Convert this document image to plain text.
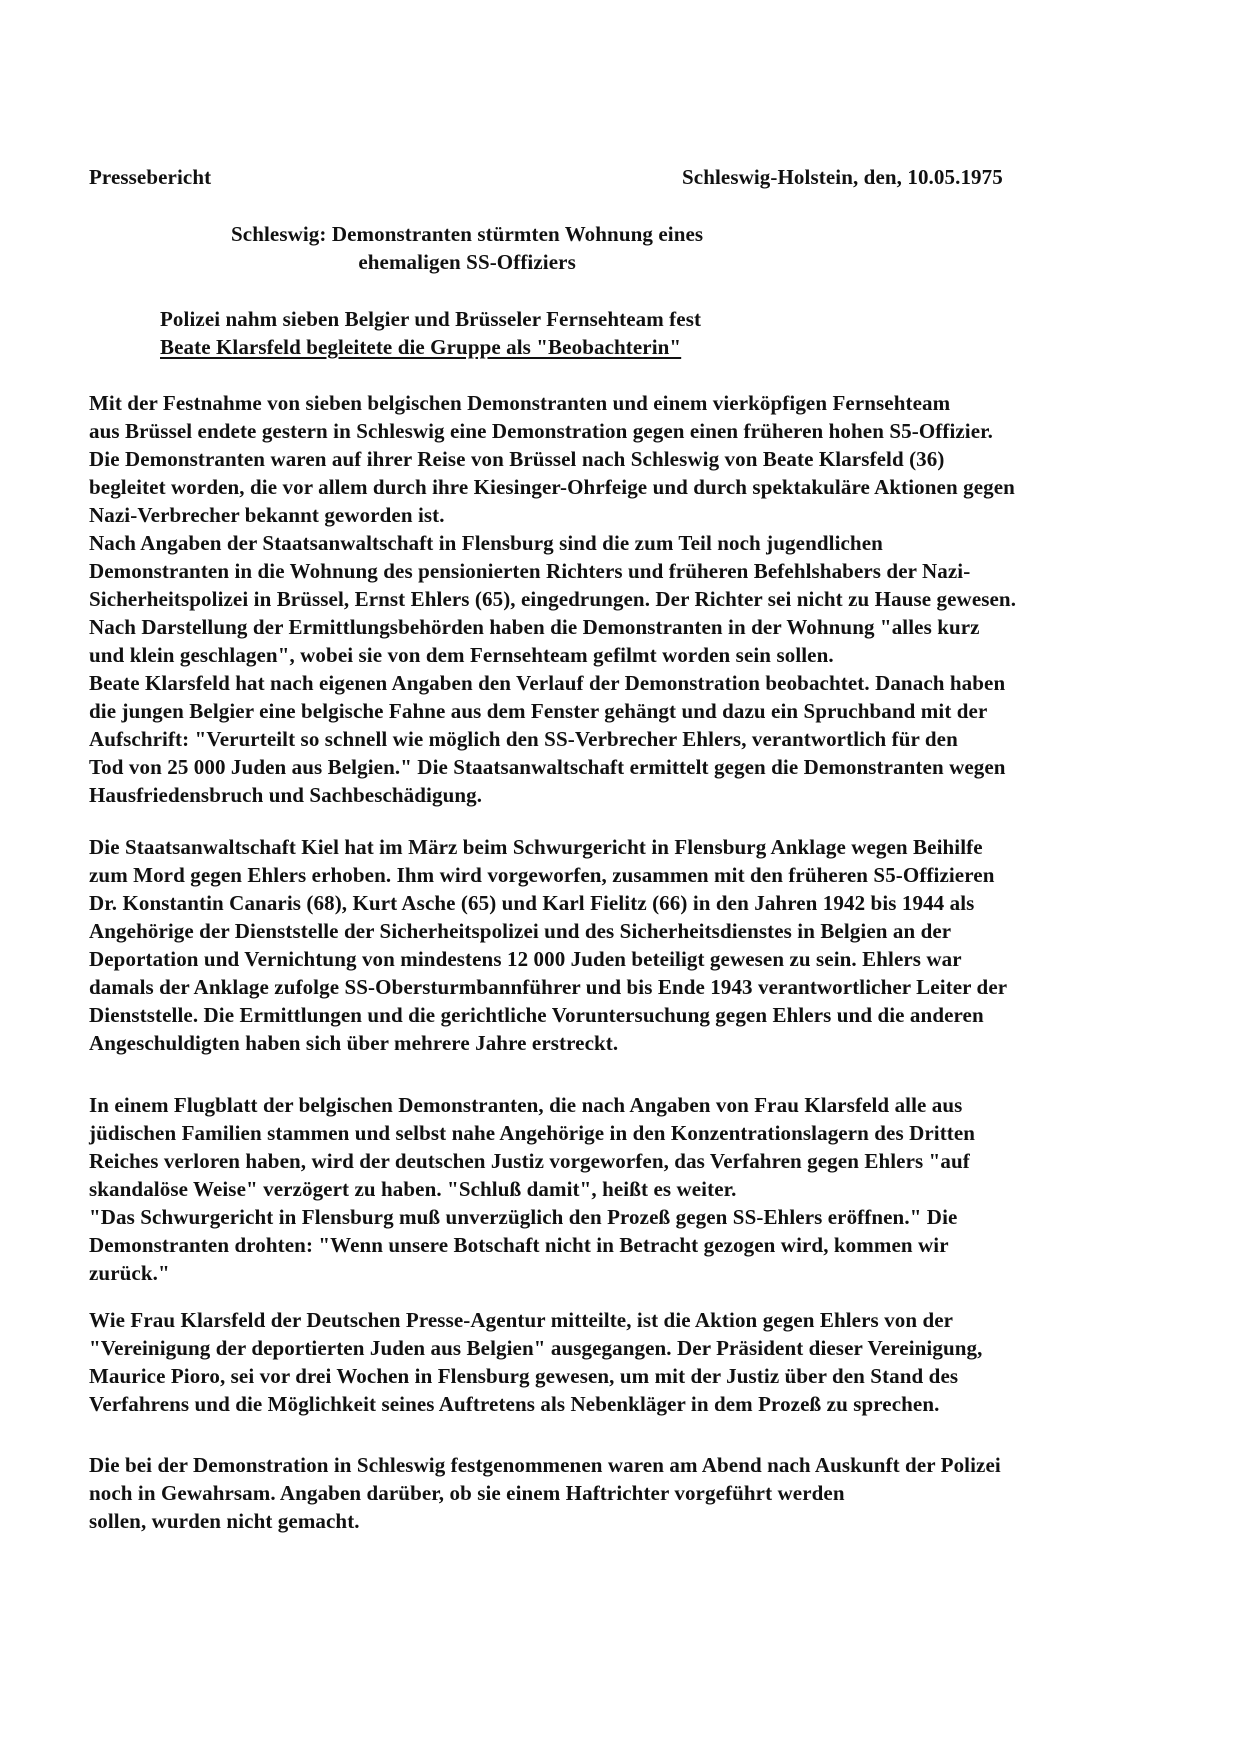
Pressebericht	Schleswig-Holstein, den, 10.05.1975
Schleswig: Demonstranten stürmten Wohnung eines
ehemaligen SS-Offiziers
Polizei nahm sieben Belgier und Brüsseler Fernsehteam fest
Beate Klarsfeld begleitete die Gruppe als "Beobachterin"
Mit der Festnahme von sieben belgischen Demonstranten und einem vierköpfigen Fernsehteam
aus Brüssel endete gestern in Schleswig eine Demonstration gegen einen früheren hohen S5-Offizier.
Die Demonstranten waren auf ihrer Reise von Brüssel nach Schleswig von Beate Klarsfeld (36)
begleitet worden, die vor allem durch ihre Kiesinger-Ohrfeige und durch spektakuläre Aktionen gegen
Nazi-Verbrecher bekannt geworden ist.
Nach Angaben der Staatsanwaltschaft in Flensburg sind die zum Teil noch jugendlichen
Demonstranten in die Wohnung des pensionierten Richters und früheren Befehlshabers der Nazi-
Sicherheitspolizei in Brüssel, Ernst Ehlers (65), eingedrungen. Der Richter sei nicht zu Hause gewesen.
Nach Darstellung der Ermittlungsbehörden haben die Demonstranten in der Wohnung "alles kurz
und klein geschlagen", wobei sie von dem Fernsehteam gefilmt worden sein sollen.
Beate Klarsfeld hat nach eigenen Angaben den Verlauf der Demonstration beobachtet. Danach haben
die jungen Belgier eine belgische Fahne aus dem Fenster gehängt und dazu ein Spruchband mit der
Aufschrift: "Verurteilt so schnell wie möglich den SS-Verbrecher Ehlers, verantwortlich für den
Tod von 25 000 Juden aus Belgien." Die Staatsanwaltschaft ermittelt gegen die Demonstranten wegen
Hausfriedensbruch und Sachbeschädigung.
Die Staatsanwaltschaft Kiel hat im März beim Schwurgericht in Flensburg Anklage wegen Beihilfe
zum Mord gegen Ehlers erhoben. Ihm wird vorgeworfen, zusammen mit den früheren S5-Offizieren
Dr. Konstantin Canaris (68), Kurt Asche (65) und Karl Fielitz (66) in den Jahren 1942 bis 1944 als
Angehörige der Dienststelle der Sicherheitspolizei und des Sicherheitsdienstes in Belgien an der
Deportation und Vernichtung von mindestens 12 000 Juden beteiligt gewesen zu sein. Ehlers war
damals der Anklage zufolge SS-Obersturmbannführer und bis Ende 1943 verantwortlicher Leiter der
Dienststelle. Die Ermittlungen und die gerichtliche Voruntersuchung gegen Ehlers und die anderen
Angeschuldigten haben sich über mehrere Jahre erstreckt.
In einem Flugblatt der belgischen Demonstranten, die nach Angaben von Frau Klarsfeld alle aus
jüdischen Familien stammen und selbst nahe Angehörige in den Konzentrationslagern des Dritten
Reiches verloren haben, wird der deutschen Justiz vorgeworfen, das Verfahren gegen Ehlers "auf
skandalöse Weise" verzögert zu haben. "Schluß damit", heißt es weiter.
"Das Schwurgericht in Flensburg muß unverzüglich den Prozeß gegen SS-Ehlers eröffnen." Die
Demonstranten drohten: "Wenn unsere Botschaft nicht in Betracht gezogen wird, kommen wir
zurück."
Wie Frau Klarsfeld der Deutschen Presse-Agentur mitteilte, ist die Aktion gegen Ehlers von der
"Vereinigung der deportierten Juden aus Belgien" ausgegangen. Der Präsident dieser Vereinigung,
Maurice Pioro, sei vor drei Wochen in Flensburg gewesen, um mit der Justiz über den Stand des
Verfahrens und die Möglichkeit seines Auftretens als Nebenkläger in dem Prozeß zu sprechen.
Die bei der Demonstration in Schleswig festgenommenen waren am Abend nach Auskunft der Polizei
noch in Gewahrsam. Angaben darüber, ob sie einem Haftrichter vorgeführt werden
sollen, wurden nicht gemacht.
